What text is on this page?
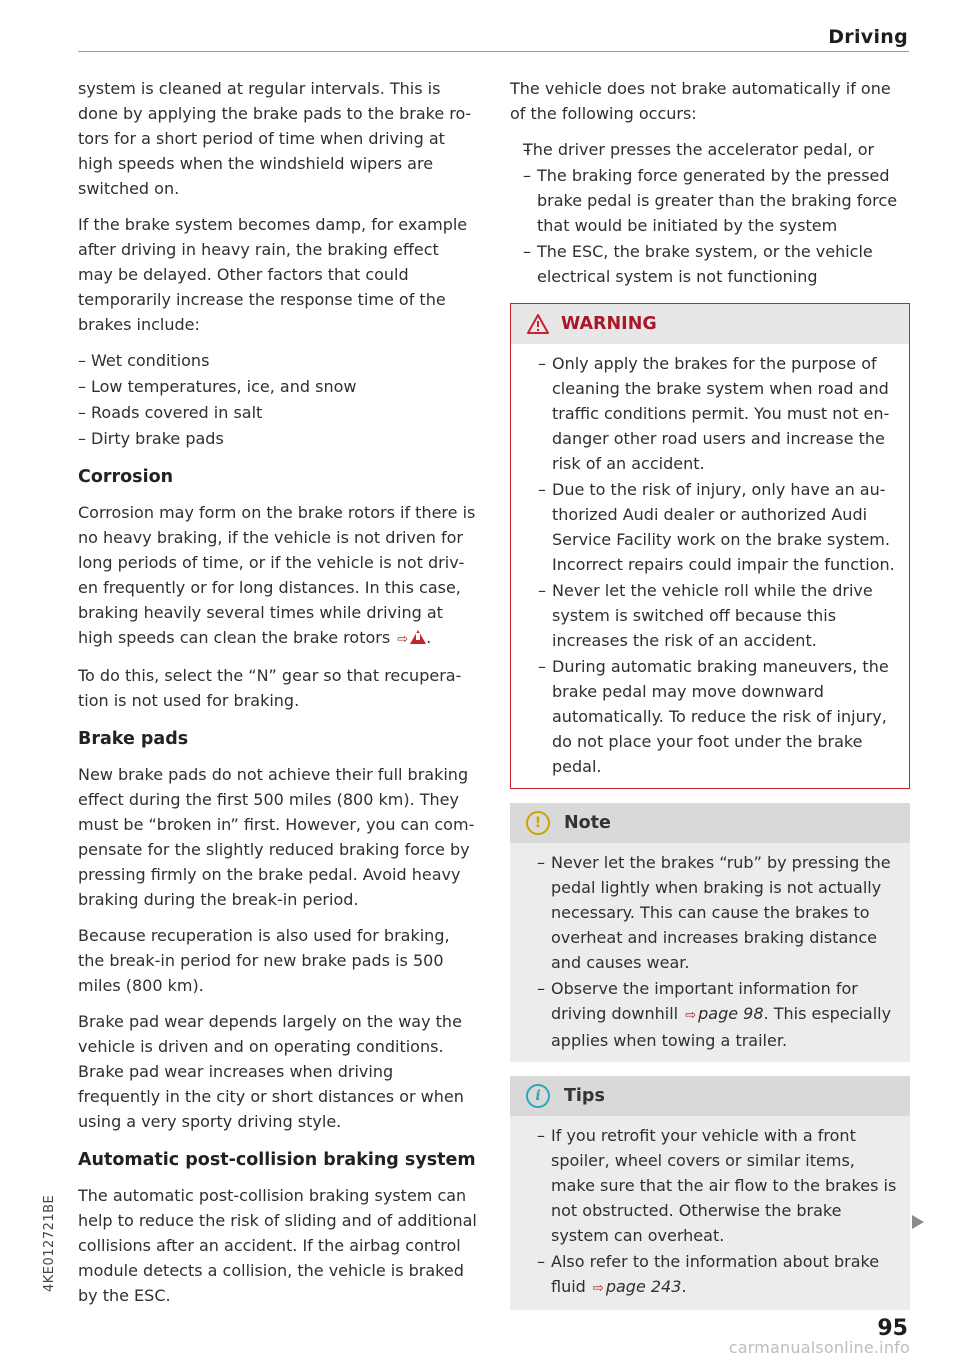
Driving

system is cleaned at regular intervals. This is done by applying the brake pads to the brake rotors for a short period of time when driving at high speeds when the windshield wipers are switched on.

If the brake system becomes damp, for example after driving in heavy rain, the braking effect may be delayed. Other factors that could temporarily increase the response time of the brakes include:

– Wet conditions
– Low temperatures, ice, and snow
– Roads covered in salt
– Dirty brake pads
Corrosion

Corrosion may form on the brake rotors if there is no heavy braking, if the vehicle is not driven for long periods of time, or if the vehicle is not driven frequently or for long distances. In this case, braking heavily several times while driving at high speeds can clean the brake rotors ⇨ .

To do this, select the “N” gear so that recuperation is not used for braking.

Brake pads

New brake pads do not achieve their full braking effect during the first 500 miles (800 km). They must be “broken in” first. However, you can compensate for the slightly reduced braking force by pressing firmly on the brake pedal. Avoid heavy braking during the break-in period.

Because recuperation is also used for braking, the break-in period for new brake pads is 500 miles (800 km).

Brake pad wear depends largely on the way the vehicle is driven and on operating conditions. Brake pad wear increases when driving frequently in the city or short distances or when using a very sporty driving style.

Automatic post-collision braking system

The automatic post-collision braking system can help to reduce the risk of sliding and of additional collisions after an accident. If the airbag control module detects a collision, the vehicle is braked by the ESC.

The vehicle does not brake automatically if one of the following occurs:

– The driver presses the accelerator pedal, or
– The braking force generated by the pressed brake pedal is greater than the braking force that would be initiated by the system
– The ESC, the brake system, or the vehicle electrical system is not functioning
WARNING
– Only apply the brakes for the purpose of cleaning the brake system when road and traffic conditions permit. You must not endanger other road users and increase the risk of an accident.
– Due to the risk of injury, only have an authorized Audi dealer or authorized Audi Service Facility work on the brake system. Incorrect repairs could impair the function.
– Never let the vehicle roll while the drive system is switched off because this increases the risk of an accident.
– During automatic braking maneuvers, the brake pedal may move downward automatically. To reduce the risk of injury, do not place your foot under the brake pedal.
!	Note
– Never let the brakes “rub” by pressing the pedal lightly when braking is not actually necessary. This can cause the brakes to overheat and increases braking distance and causes wear.
– Observe the important information for driving downhill ⇨ page 98. This especially applies when towing a trailer.
i	Tips
– If you retrofit your vehicle with a front spoiler, wheel covers or similar items, make sure that the air flow to the brakes is not obstructed. Otherwise the brake system can overheat.
– Also refer to the information about brake fluid ⇨ page 243.
4KE012721BE
95
carmanualsonline.info
